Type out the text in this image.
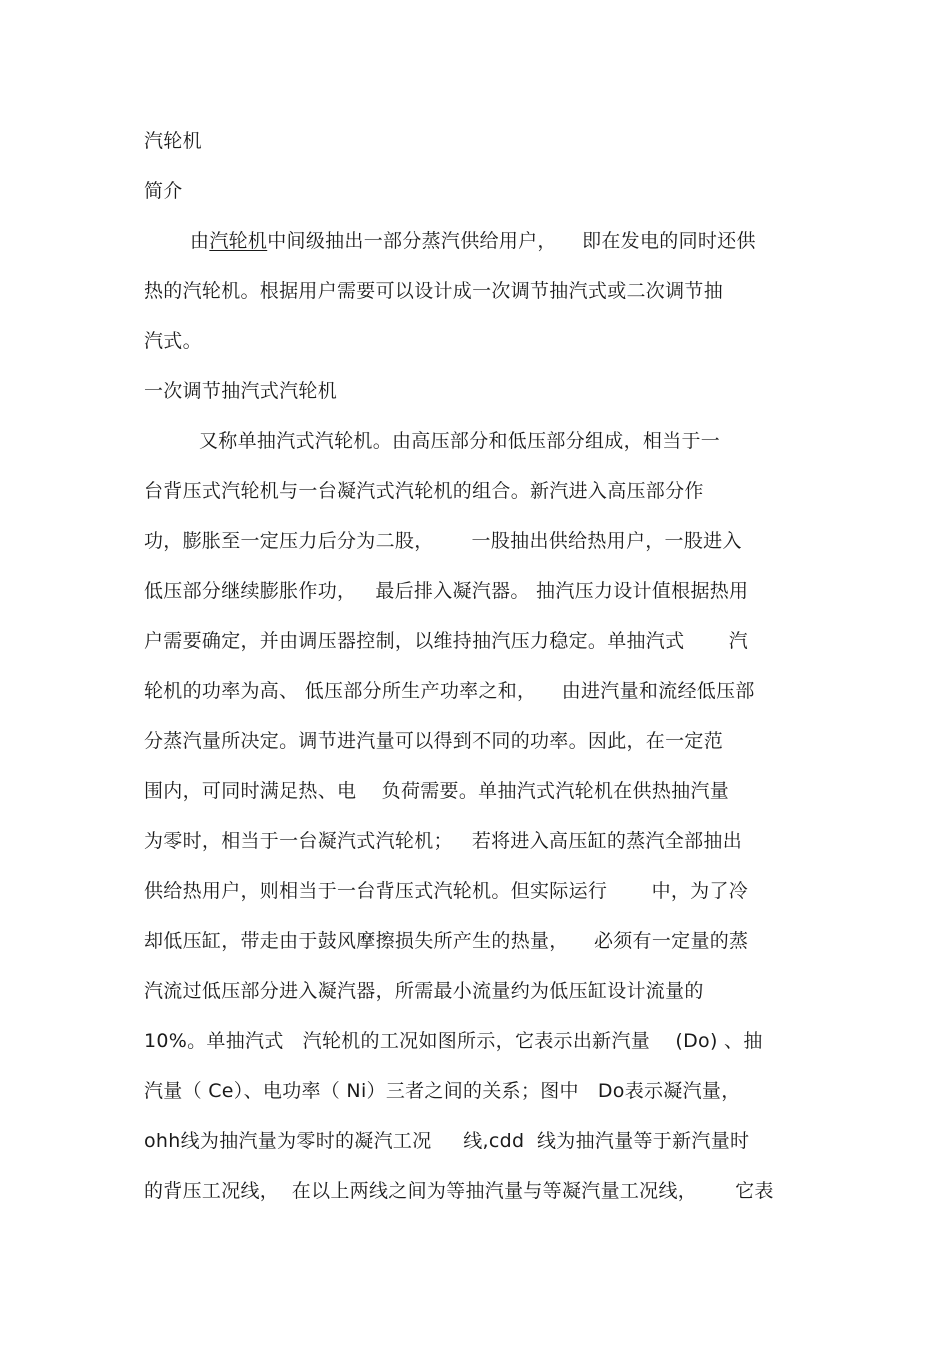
汽轮机
简介
由汽轮机中间级抽出一部分蒸汽供给用户，    即在发电的同时还供
热的汽轮机。根据用户需要可以设计成一次调节抽汽式或二次调节抽
汽式。
一次调节抽汽式汽轮机
又称单抽汽式汽轮机。由高压部分和低压部分组成，相当于一
台背压式汽轮机与一台凝汽式汽轮机的组合。新汽进入高压部分作
功，膨胀至一定压力后分为二股，      一股抽出供给热用户，一股进入
低压部分继续膨胀作功，   最后排入凝汽器。 抽汽压力设计值根据热用
户需要确定，并由调压器控制，以维持抽汽压力稳定。单抽汽式       汽
轮机的功率为高、 低压部分所生产功率之和，    由进汽量和流经低压部
分蒸汽量所决定。调节进汽量可以得到不同的功率。因此，在一定范
围内，可同时满足热、电    负荷需要。单抽汽式汽轮机在供热抽汽量
为零时，相当于一台凝汽式汽轮机；   若将进入高压缸的蒸汽全部抽出
供给热用户，则相当于一台背压式汽轮机。但实际运行       中，为了冷
却低压缸，带走由于鼓风摩擦损失所产生的热量，    必须有一定量的蒸
汽流过低压部分进入凝汽器，所需最小流量约为低压缸设计流量的
10%。单抽汽式   汽轮机的工况如图所示，它表示出新汽量    (Do) 、抽
汽量（ Ce）、电功率（ Ni）三者之间的关系；图中   Do表示凝汽量，
ohh线为抽汽量为零时的凝汽工况     线,cdd  线为抽汽量等于新汽量时
的背压工况线，  在以上两线之间为等抽汽量与等凝汽量工况线，      它表
